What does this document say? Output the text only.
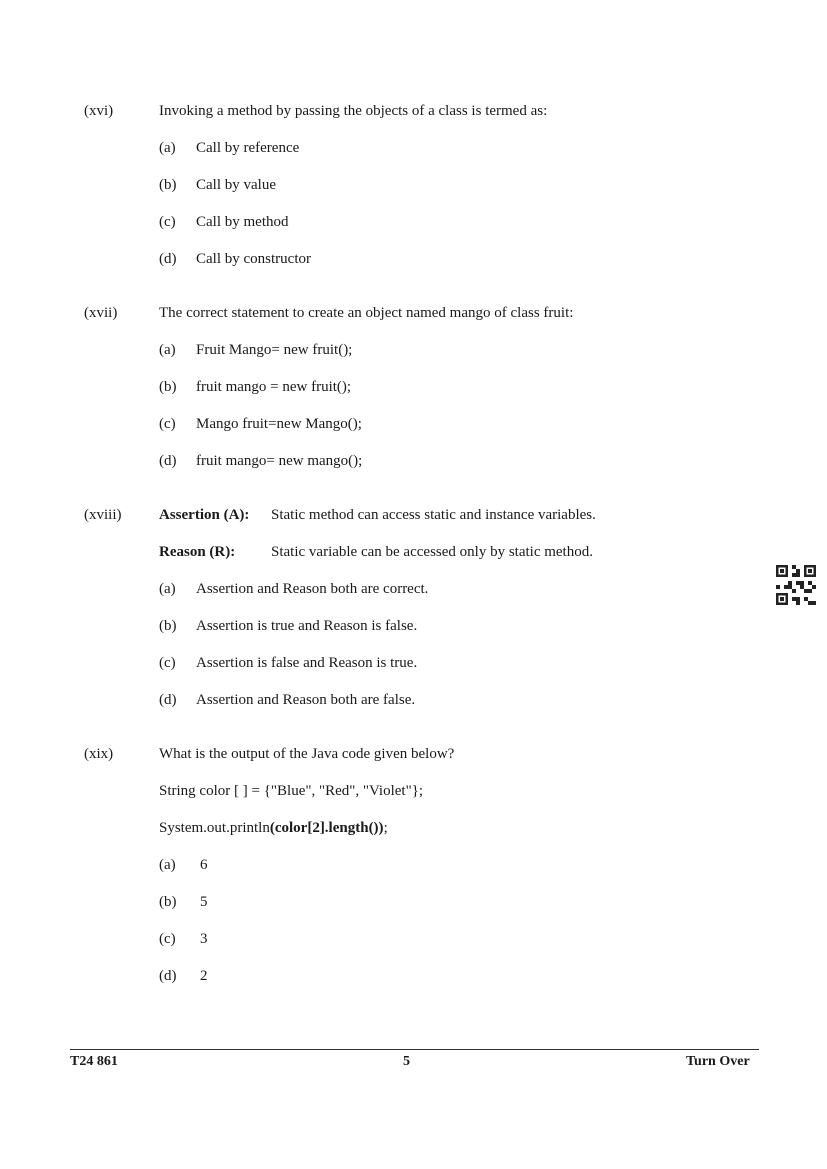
(xvi)	Invoking a method by passing the objects of a class is termed as:
(a) Call by reference
(b) Call by value
(c) Call by method
(d) Call by constructor
(xvii)	The correct statement to create an object named mango of class fruit:
(a) Fruit Mango= new fruit();
(b) fruit mango = new fruit();
(c) Mango fruit=new Mango();
(d) fruit mango= new mango();
(xviii)	Assertion (A): Static method can access static and instance variables.
Reason (R): Static variable can be accessed only by static method.
(a) Assertion and Reason both are correct.
(b) Assertion is true and Reason is false.
(c) Assertion is false and Reason is true.
(d) Assertion and Reason both are false.
(xix)	What is the output of the Java code given below?
String color [ ] = {"Blue", "Red", "Violet"};
System.out.println(color[2].length());
(a) 6
(b) 5
(c) 3
(d) 2
T24 861	5	Turn Over
